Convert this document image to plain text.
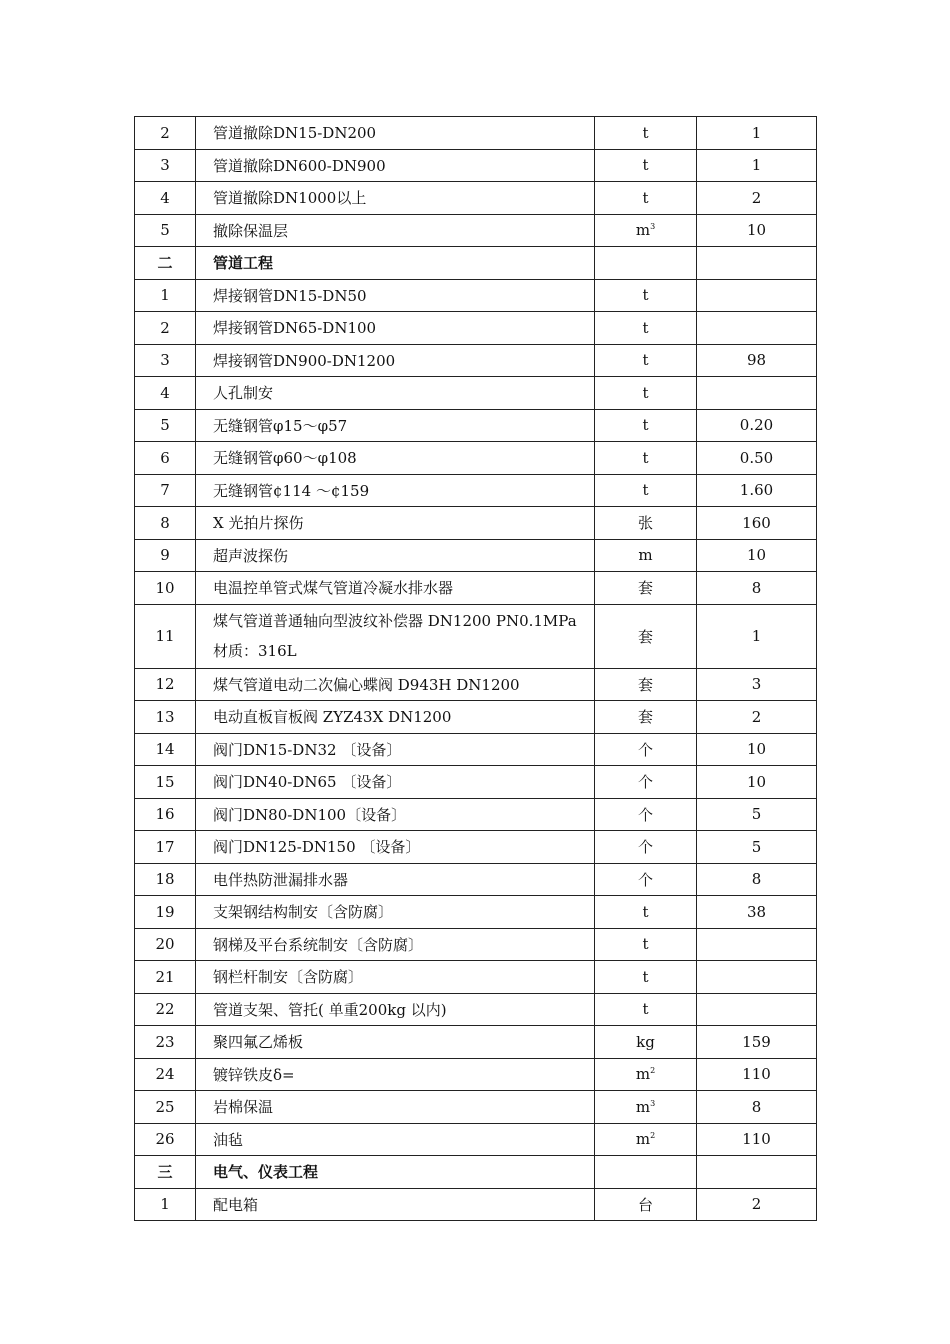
2	管道撤除DN15-DN200	t	1
3	管道撤除DN600-DN900	t	1
4	管道撤除DN1000以上	t	2
5	撤除保温层	$m^3$	10
二	管道工程		
1	焊接钢管DN15-DN50	t	
2	焊接钢管DN65-DN100	t	
3	焊接钢管DN900-DN1200	t	98
4	人孔制安	t	
5	无缝钢管φ15～φ57	t	0.20
6	无缝钢管φ60～φ108	t	0.50
7	无缝钢管¢114 ～¢159	t	1.60
8	X 光拍片探伤	张	160
9	超声波探伤	m	10
10	电温控单管式煤气管道冷凝水排水器	套	8
11	煤气管道普通轴向型波纹补偿器 DN1200 PN0.1MPa 材质：316L	套	1
12	煤气管道电动二次偏心蝶阀 D943H DN1200	套	3
13	电动直板盲板阀 ZYZ43X DN1200	套	2
14	阀门DN15-DN32 〔设备〕	个	10
15	阀门DN40-DN65 〔设备〕	个	10
16	阀门DN80-DN100〔设备〕	个	5
17	阀门DN125-DN150 〔设备〕	个	5
18	电伴热防泄漏排水器	个	8
19	支架钢结构制安〔含防腐〕	t	38
20	钢梯及平台系统制安〔含防腐〕	t	
21	钢栏杆制安〔含防腐〕	t	
22	管道支架、管托( 单重200kg 以内)	t	
23	聚四氟乙烯板	kg	159
24	镀锌铁皮δ=	$m^2$	110
25	岩棉保温	$m^3$	8
26	油毡	$m^2$	110
三	电气、仪表工程		
1	配电箱	台	2
